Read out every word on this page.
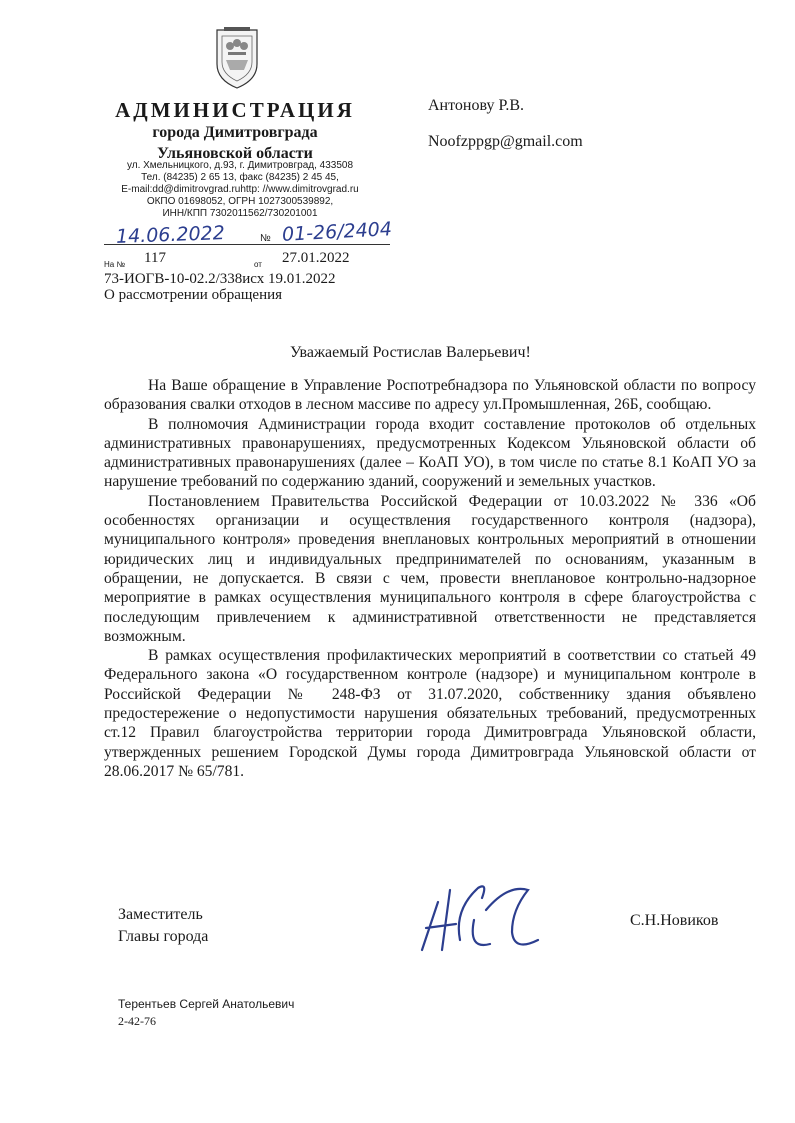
АДМИНИСТРАЦИЯ
города Димитровграда
Ульяновской области
ул. Хмельницкого, д.93, г. Димитровград, 433508
Тел. (84235) 2 65 13, факс (84235) 2 45 45,
E-mail:dd@dimitrovgrad.ruhttp: //www.dimitrovgrad.ru
ОКПО 01698052, ОГРН 1027300539892,
ИНН/КПП 7302011562/730201001
Антонову Р.В.
Noofzppgp@gmail.com
14.06.2022	№ 01-26/2404
На № 117	от 27.01.2022
73-ИОГВ-10-02.2/338исх 19.01.2022
О рассмотрении обращения
Уважаемый Ростислав Валерьевич!

На Ваше обращение в Управление Роспотребнадзора по Ульяновской области по вопросу образования свалки отходов в лесном массиве по адресу ул.Промышленная, 26Б, сообщаю.

В полномочия Администрации города входит составление протоколов об отдельных административных правонарушениях, предусмотренных Кодексом Ульяновской области об административных правонарушениях (далее – КоАП УО), в том числе по статье 8.1 КоАП УО за нарушение требований по содержанию зданий, сооружений и земельных участков.

Постановлением Правительства Российской Федерации от 10.03.2022 № 336 «Об особенностях организации и осуществления государственного контроля (надзора), муниципального контроля» проведения внеплановых контрольных мероприятий в отношении юридических лиц и индивидуальных предпринимателей по основаниям, указанным в обращении, не допускается. В связи с чем, провести внеплановое контрольно-надзорное мероприятие в рамках осуществления муниципального контроля в сфере благоустройства с последующим привлечением к административной ответственности не представляется возможным.

В рамках осуществления профилактических мероприятий в соответствии со статьей 49 Федерального закона «О государственном контроле (надзоре) и муниципальном контроле в Российской Федерации № 248-ФЗ от 31.07.2020, собственнику здания объявлено предостережение о недопустимости нарушения обязательных требований, предусмотренных ст.12 Правил благоустройства территории города Димитровграда Ульяновской области, утвержденных решением Городской Думы города Димитровграда Ульяновской области от 28.06.2017 № 65/781.

Заместитель
Главы города
С.Н.Новиков
Терентьев Сергей Анатольевич
2-42-76
